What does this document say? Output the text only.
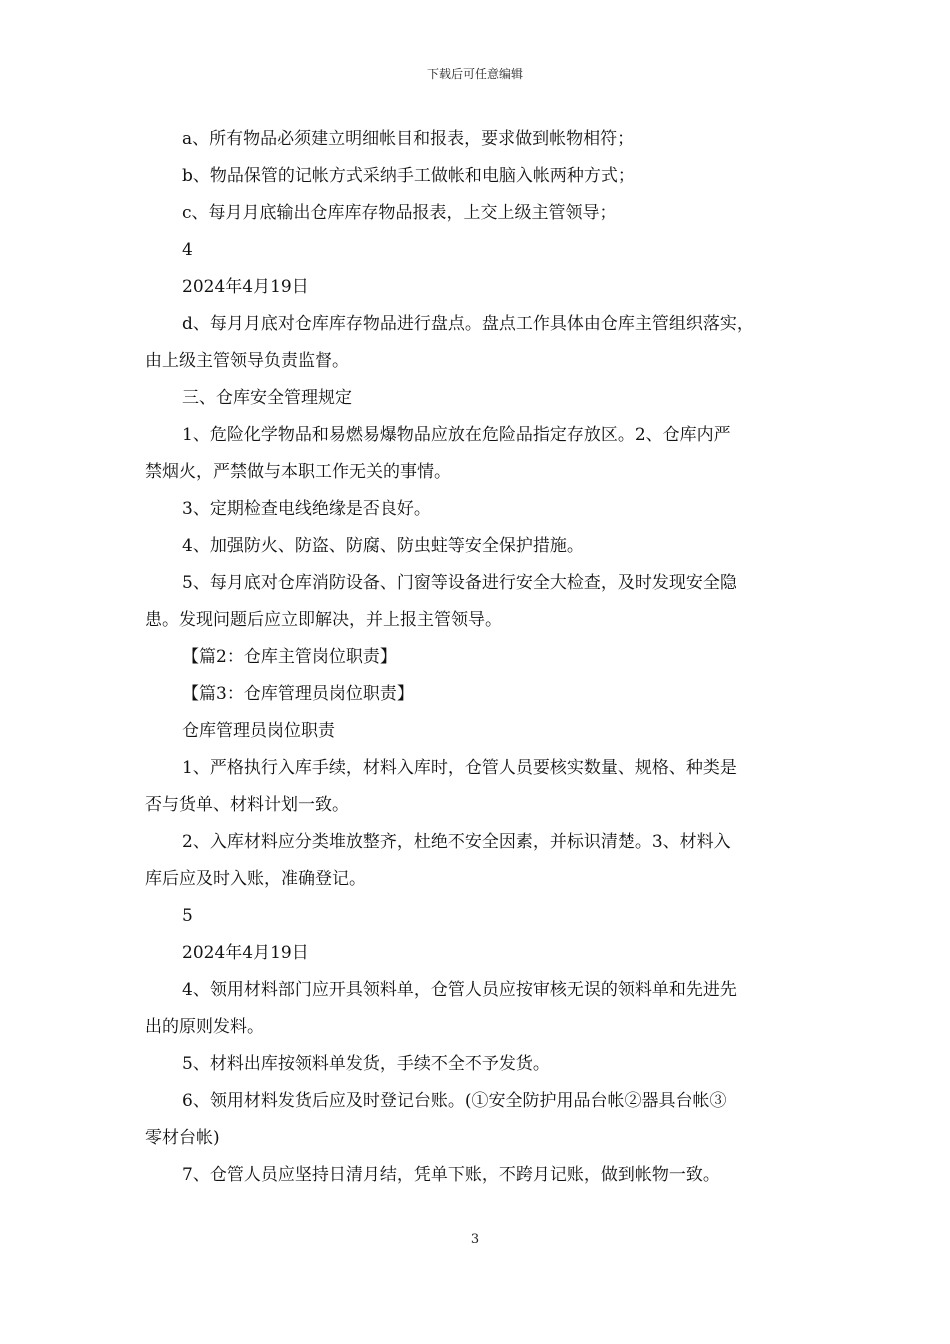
下载后可任意编辑
a、所有物品必须建立明细帐目和报表，要求做到帐物相符；
b、物品保管的记帐方式采纳手工做帐和电脑入帐两种方式；
c、每月月底输出仓库库存物品报表，上交上级主管领导；
4
2024年4月19日
d、每月月底对仓库库存物品进行盘点。盘点工作具体由仓库主管组织落实，
由上级主管领导负责监督。
三、仓库安全管理规定
1、危险化学物品和易燃易爆物品应放在危险品指定存放区。2、仓库内严
禁烟火，严禁做与本职工作无关的事情。
3、定期检查电线绝缘是否良好。
4、加强防火、防盗、防腐、防虫蛀等安全保护措施。
5、每月底对仓库消防设备、门窗等设备进行安全大检查，及时发现安全隐
患。发现问题后应立即解决，并上报主管领导。
【篇2：仓库主管岗位职责】
【篇3：仓库管理员岗位职责】
仓库管理员岗位职责
1、严格执行入库手续，材料入库时，仓管人员要核实数量、规格、种类是
否与货单、材料计划一致。
2、入库材料应分类堆放整齐，杜绝不安全因素，并标识清楚。3、材料入
库后应及时入账，准确登记。
5
2024年4月19日
4、领用材料部门应开具领料单，仓管人员应按审核无误的领料单和先进先
出的原则发料。
5、材料出库按领料单发货，手续不全不予发货。
6、领用材料发货后应及时登记台账。(①安全防护用品台帐②器具台帐③
零材台帐)
7、仓管人员应坚持日清月结，凭单下账，不跨月记账，做到帐物一致。
3
